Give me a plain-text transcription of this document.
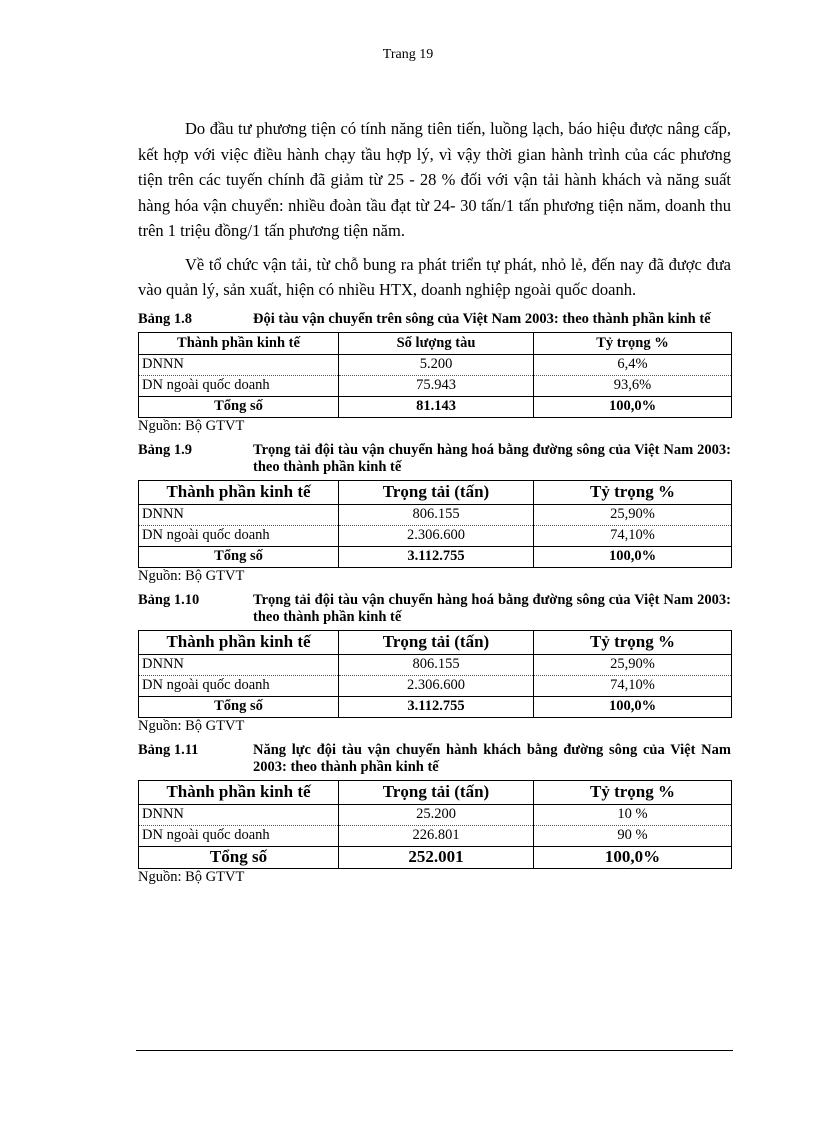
Trang 19

Do đầu tư phương tiện có tính năng tiên tiến, luồng lạch, báo hiệu được nâng cấp, kết hợp với việc điều hành chạy tầu hợp lý, vì vậy thời gian hành trình của các phương tiện trên các tuyến chính đã giảm từ 25 - 28 % đối với vận tải hành khách và năng suất hàng hóa vận chuyển: nhiều đoàn tầu đạt từ 24- 30 tấn/1 tấn phương tiện năm, doanh thu trên 1 triệu đồng/1 tấn phương tiện năm.

Về tổ chức vận tải, từ chỗ bung ra phát triển tự phát, nhỏ lẻ, đến nay đã được đưa vào quản lý, sản xuất, hiện có nhiều HTX, doanh nghiệp ngoài quốc doanh.

Bảng 1.8	Đội tàu vận chuyển trên sông của Việt Nam 2003: theo thành phần kinh tế
Thành phần kinh tế	Số lượng tàu	Tỷ trọng %
DNNN	5.200	6,4%
DN ngoài quốc doanh	75.943	93,6%
Tổng số	81.143	100,0%
Nguồn: Bộ GTVT
Bảng 1.9	Trọng tải đội tàu vận chuyển hàng hoá bằng đường sông của Việt Nam 2003: theo thành phần kinh tế
Thành phần kinh tế	Trọng tải (tấn)	Tỷ trọng %
DNNN	806.155	25,90%
DN ngoài quốc doanh	2.306.600	74,10%
Tổng số	3.112.755	100,0%
Nguồn: Bộ GTVT
Bảng 1.10	Trọng tải đội tàu vận chuyển hàng hoá bằng đường sông của Việt Nam 2003: theo thành phần kinh tế
Thành phần kinh tế	Trọng tải (tấn)	Tỷ trọng %
DNNN	806.155	25,90%
DN ngoài quốc doanh	2.306.600	74,10%
Tổng số	3.112.755	100,0%
Nguồn: Bộ GTVT
Bảng 1.11	Năng lực đội tàu vận chuyển hành khách bằng đường sông của Việt Nam 2003: theo thành phần kinh tế
Thành phần kinh tế	Trọng tải (tấn)	Tỷ trọng %
DNNN	25.200	10 %
DN ngoài quốc doanh	226.801	90 %
Tổng số	252.001	100,0%
Nguồn: Bộ GTVT
